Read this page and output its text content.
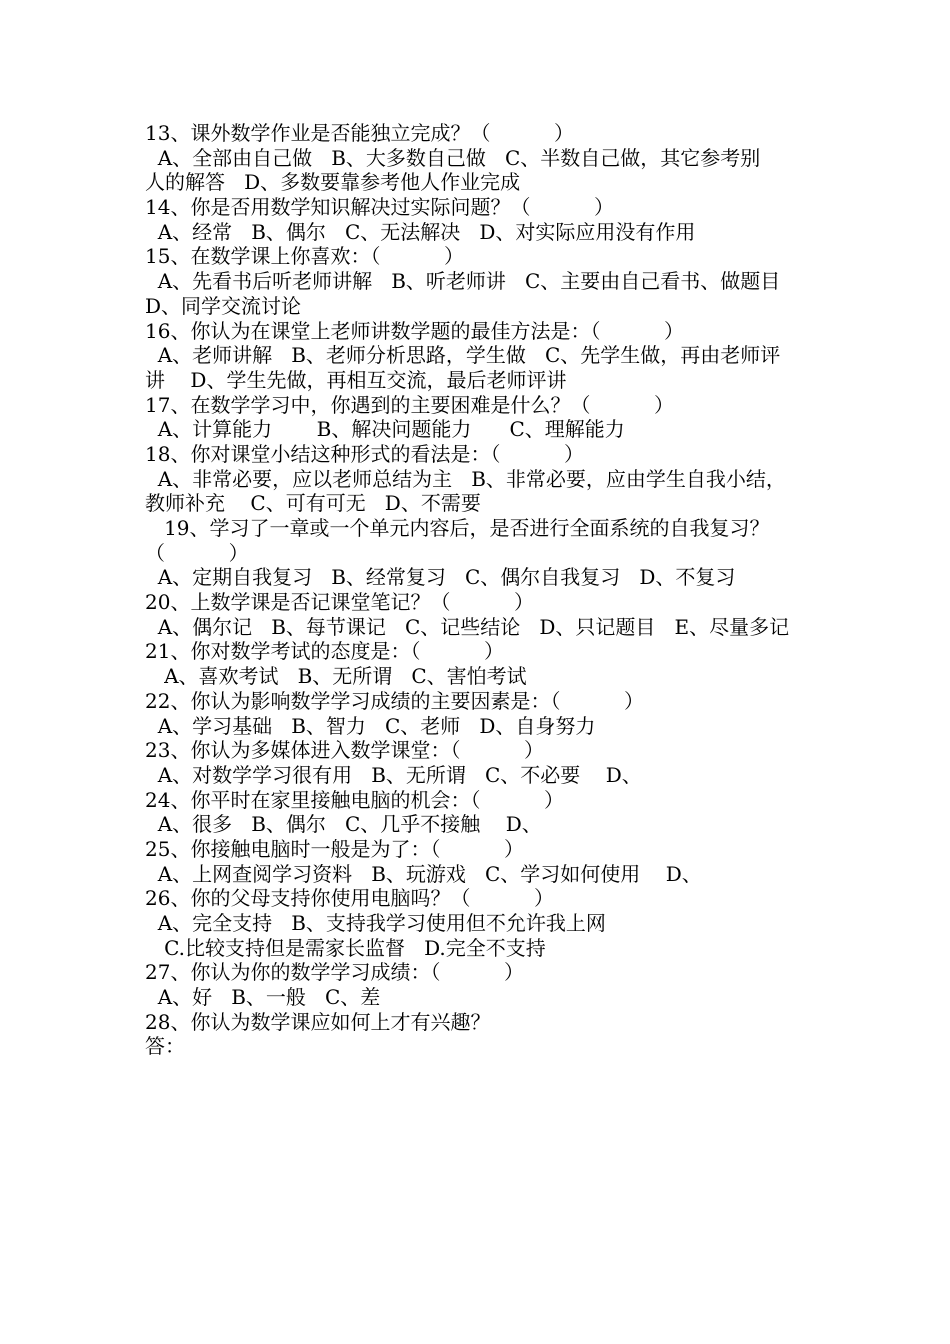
13、课外数学作业是否能独立完成？（          ）
A、全部由自己做   B、大多数自己做   C、半数自己做，其它参考别
人的解答   D、多数要靠参考他人作业完成
14、你是否用数学知识解决过实际问题？（          ）
A、经常   B、偶尔   C、无法解决   D、对实际应用没有作用
15、在数学课上你喜欢：（          ）
A、先看书后听老师讲解   B、听老师讲   C、主要由自己看书、做题目
D、同学交流讨论
16、你认为在课堂上老师讲数学题的最佳方法是：（          ）
A、老师讲解   B、老师分析思路，学生做   C、先学生做，再由老师评
讲    D、学生先做，再相互交流，最后老师评讲
17、在数学学习中，你遇到的主要困难是什么？（          ）
A、计算能力       B、解决问题能力      C、理解能力
18、你对课堂小结这种形式的看法是：（          ）
A、非常必要，应以老师总结为主   B、非常必要，应由学生自我小结，
教师补充    C、可有可无   D、不需要
19、学习了一章或一个单元内容后，是否进行全面系统的自我复习？
（          ）
A、定期自我复习   B、经常复习   C、偶尔自我复习   D、不复习
20、上数学课是否记课堂笔记？（          ）
A、偶尔记   B、每节课记   C、记些结论   D、只记题目   E、尽量多记
21、你对数学考试的态度是：（          ）
A、喜欢考试   B、无所谓   C、害怕考试
22、你认为影响数学学习成绩的主要因素是：（          ）
A、学习基础   B、智力   C、老师   D、自身努力
23、你认为多媒体进入数学课堂：（          ）
A、对数学学习很有用   B、无所谓   C、不必要    D、
24、你平时在家里接触电脑的机会：（          ）
A、很多   B、偶尔   C、几乎不接触    D、
25、你接触电脑时一般是为了：（          ）
A、上网查阅学习资料   B、玩游戏   C、学习如何使用    D、
26、你的父母支持你使用电脑吗？（          ）
A、完全支持   B、支持我学习使用但不允许我上网
C.比较支持但是需家长监督   D.完全不支持
27、你认为你的数学学习成绩：（          ）
A、好   B、一般   C、差
28、你认为数学课应如何上才有兴趣？
答：
